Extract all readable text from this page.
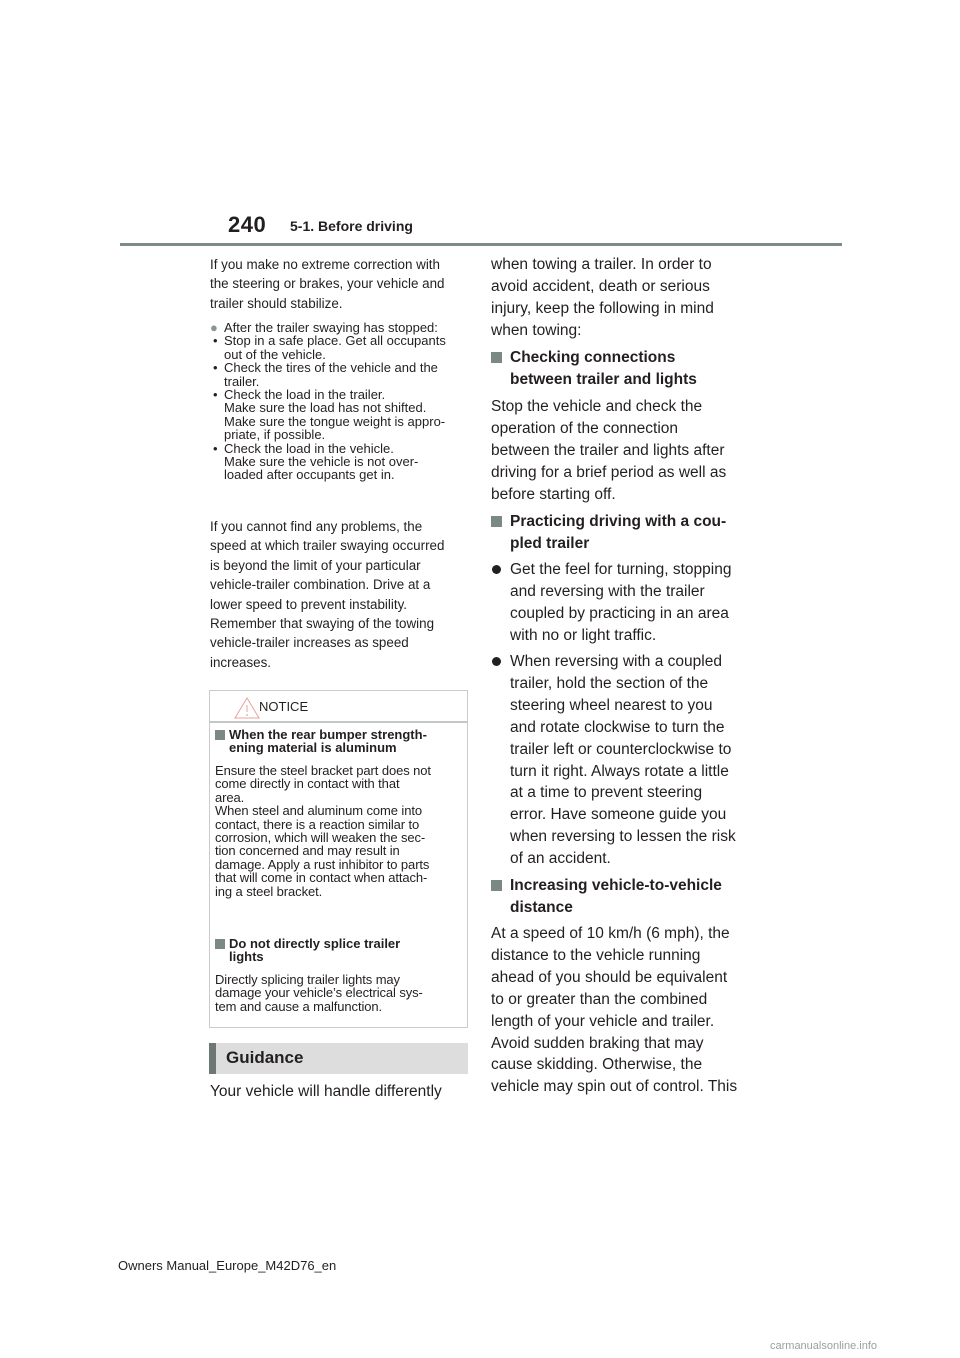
240 5-1. Before driving
If you make no extreme correction with
the steering or brakes, your vehicle and
trailer should stabilize.
● After the trailer swaying has stopped:
• Stop in a safe place. Get all occupants
out of the vehicle.
• Check the tires of the vehicle and the
trailer.
• Check the load in the trailer.
Make sure the load has not shifted.
Make sure the tongue weight is appro-
priate, if possible.
• Check the load in the vehicle.
Make sure the vehicle is not over-
loaded after occupants get in.
If you cannot find any problems, the
speed at which trailer swaying occurred
is beyond the limit of your particular
vehicle-trailer combination. Drive at a
lower speed to prevent instability.
Remember that swaying of the towing
vehicle-trailer increases as speed
increases.
NOTICE
When the rear bumper strength-
ening material is aluminum
Ensure the steel bracket part does not
come directly in contact with that
area.
When steel and aluminum come into
contact, there is a reaction similar to
corrosion, which will weaken the sec-
tion concerned and may result in
damage. Apply a rust inhibitor to parts
that will come in contact when attach-
ing a steel bracket.
Do not directly splice trailer
lights
Directly splicing trailer lights may
damage your vehicle’s electrical sys-
tem and cause a malfunction.
Guidance
Your vehicle will handle differently
when towing a trailer. In order to
avoid accident, death or serious
injury, keep the following in mind
when towing:
Checking connections
between trailer and lights
Stop the vehicle and check the
operation of the connection
between the trailer and lights after
driving for a brief period as well as
before starting off.
Practicing driving with a cou-
pled trailer
Get the feel for turning, stopping
and reversing with the trailer
coupled by practicing in an area
with no or light traffic.
When reversing with a coupled
trailer, hold the section of the
steering wheel nearest to you
and rotate clockwise to turn the
trailer left or counterclockwise to
turn it right. Always rotate a little
at a time to prevent steering
error. Have someone guide you
when reversing to lessen the risk
of an accident.
Increasing vehicle-to-vehicle
distance
At a speed of 10 km/h (6 mph), the
distance to the vehicle running
ahead of you should be equivalent
to or greater than the combined
length of your vehicle and trailer.
Avoid sudden braking that may
cause skidding. Otherwise, the
vehicle may spin out of control. This
Owners Manual_Europe_M42D76_en
carmanualsonline.info
